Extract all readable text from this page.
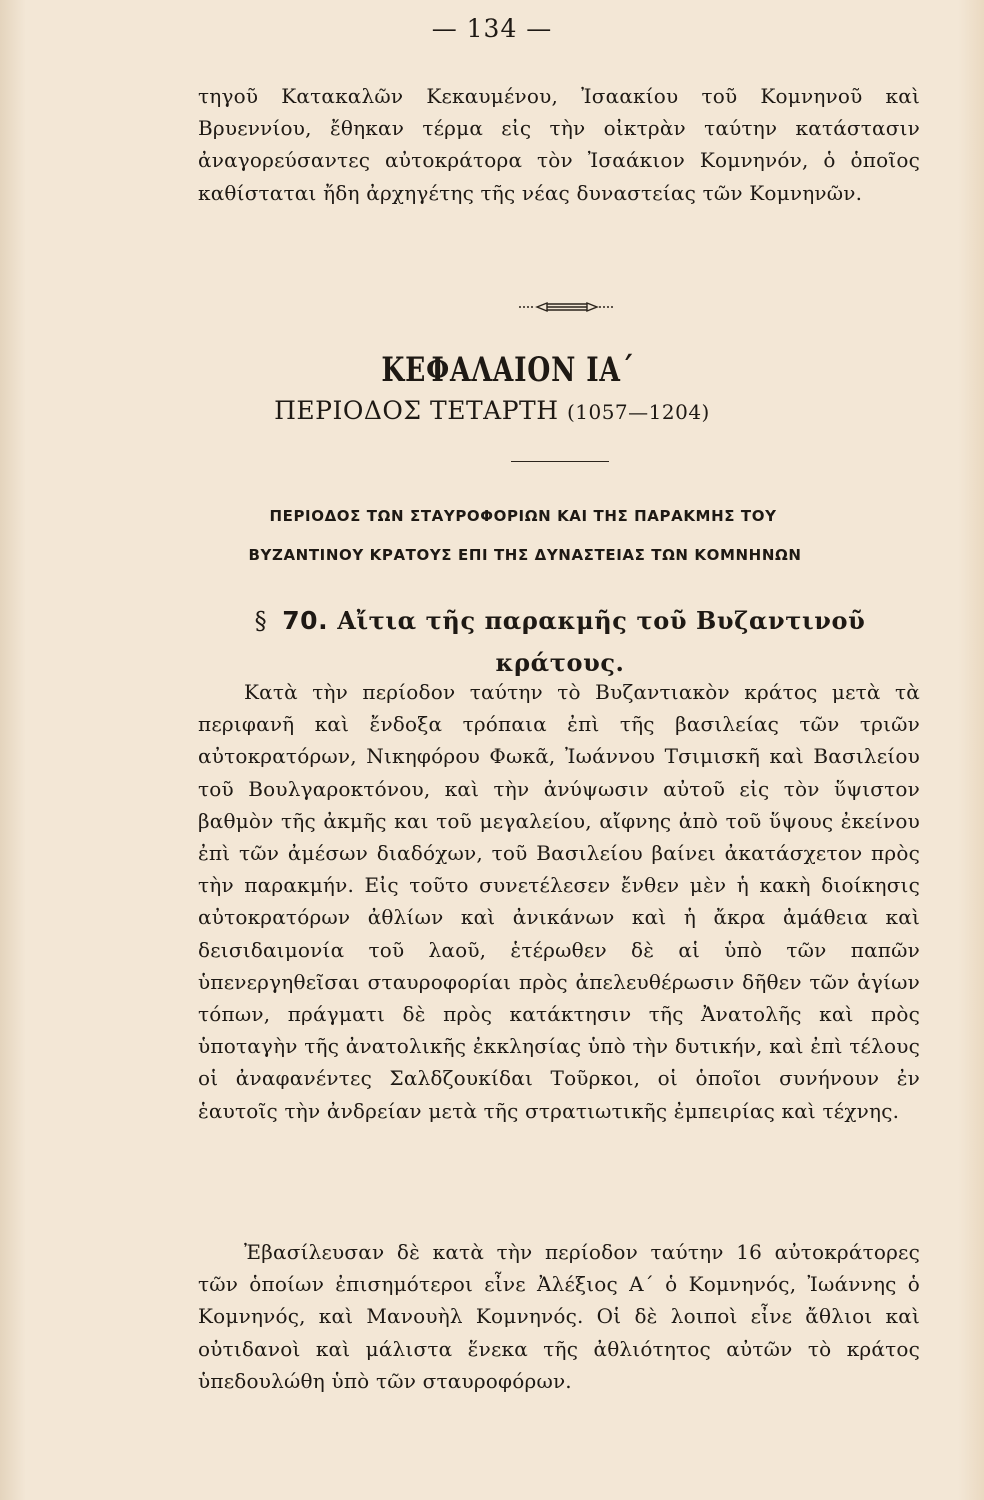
— 134 —

τηγοῦ Κατακαλῶν Κεκαυμένου, Ἰσαακίου τοῦ Κομνηνοῦ καὶ Βρυεννίου, ἔθηκαν τέρμα εἰς τὴν οἰκτρὰν ταύτην κατάστασιν ἀναγορεύσαντες αὐτοκράτορα τὸν Ἰσαάκιον Κομνηνόν, ὁ ὁποῖος καθίσταται ἤδη ἀρχηγέτης τῆς νέας δυναστείας τῶν Κομνηνῶν.

ΚΕΦΑΛΑΙΟΝ ΙΑ΄
ΠΕΡΙΟΔΟΣ ΤΕΤΑΡΤΗ (1057—1204)
ΠΕΡΙΟΔΟΣ ΤΩΝ ΣΤΑΥΡΟΦΟΡΙΩΝ ΚΑΙ ΤΗΣ ΠΑΡΑΚΜΗΣ ΤΟΥ
ΒΥΖΑΝΤΙΝΟΥ ΚΡΑΤΟΥΣ ΕΠΙ ΤΗΣ ΔΥΝΑΣΤΕΙΑΣ ΤΩΝ ΚΟΜΝΗΝΩΝ
§ 70. Αἴτια τῆς παρακμῆς τοῦ Βυζαντινοῦ κράτους.

Κατὰ τὴν περίοδον ταύτην τὸ Βυζαντιακὸν κράτος μετὰ τὰ περιφανῆ καὶ ἔνδοξα τρόπαια ἐπὶ τῆς βασιλείας τῶν τριῶν αὐτοκρατόρων, Νικηφόρου Φωκᾶ, Ἰωάννου Τσιμισκῆ καὶ Βασιλείου τοῦ Βουλγαροκτόνου, καὶ τὴν ἀνύψωσιν αὐτοῦ εἰς τὸν ὕψιστον βαθμὸν τῆς ἀκμῆς και τοῦ μεγαλείου, αἴφνης ἀπὸ τοῦ ὕψους ἐκείνου ἐπὶ τῶν ἀμέσων διαδόχων, τοῦ Βασιλείου βαίνει ἀκατάσχετον πρὸς τὴν παρακμήν. Εἰς τοῦτο συνετέλεσεν ἔνθεν μὲν ἡ κακὴ διοίκησις αὐτοκρατόρων ἀθλίων καὶ ἀνικάνων καὶ ἡ ἄκρα ἀμάθεια καὶ δεισιδαιμονία τοῦ λαοῦ, ἑτέρωθεν δὲ αἱ ὑπὸ τῶν παπῶν ὑπενεργηθεῖσαι σταυροφορίαι πρὸς ἀπελευθέρωσιν δῆθεν τῶν ἁγίων τόπων, πράγματι δὲ πρὸς κατάκτησιν τῆς Ἀνατολῆς καὶ πρὸς ὑποταγὴν τῆς ἀνατολικῆς ἐκκλησίας ὑπὸ τὴν δυτικήν, καὶ ἐπὶ τέλους οἱ ἀναφανέντες Σαλδζουκίδαι Τοῦρκοι, οἱ ὁποῖοι συνήνουν ἐν ἑαυτοῖς τὴν ἀνδρείαν μετὰ τῆς στρατιωτικῆς ἐμπειρίας καὶ τέχνης.

Ἐβασίλευσαν δὲ κατὰ τὴν περίοδον ταύτην 16 αὐτοκράτορες τῶν ὁποίων ἐπισημότεροι εἶνε Ἀλέξιος Α΄ ὁ Κομνηνός, Ἰωάννης ὁ Κομνηνός, καὶ Μανουὴλ Κομνηνός. Οἱ δὲ λοιποὶ εἶνε ἄθλιοι καὶ οὐτιδανοὶ καὶ μάλιστα ἕνεκα τῆς ἀθλιότητος αὐτῶν τὸ κράτος ὑπεδουλώθη ὑπὸ τῶν σταυροφόρων.
